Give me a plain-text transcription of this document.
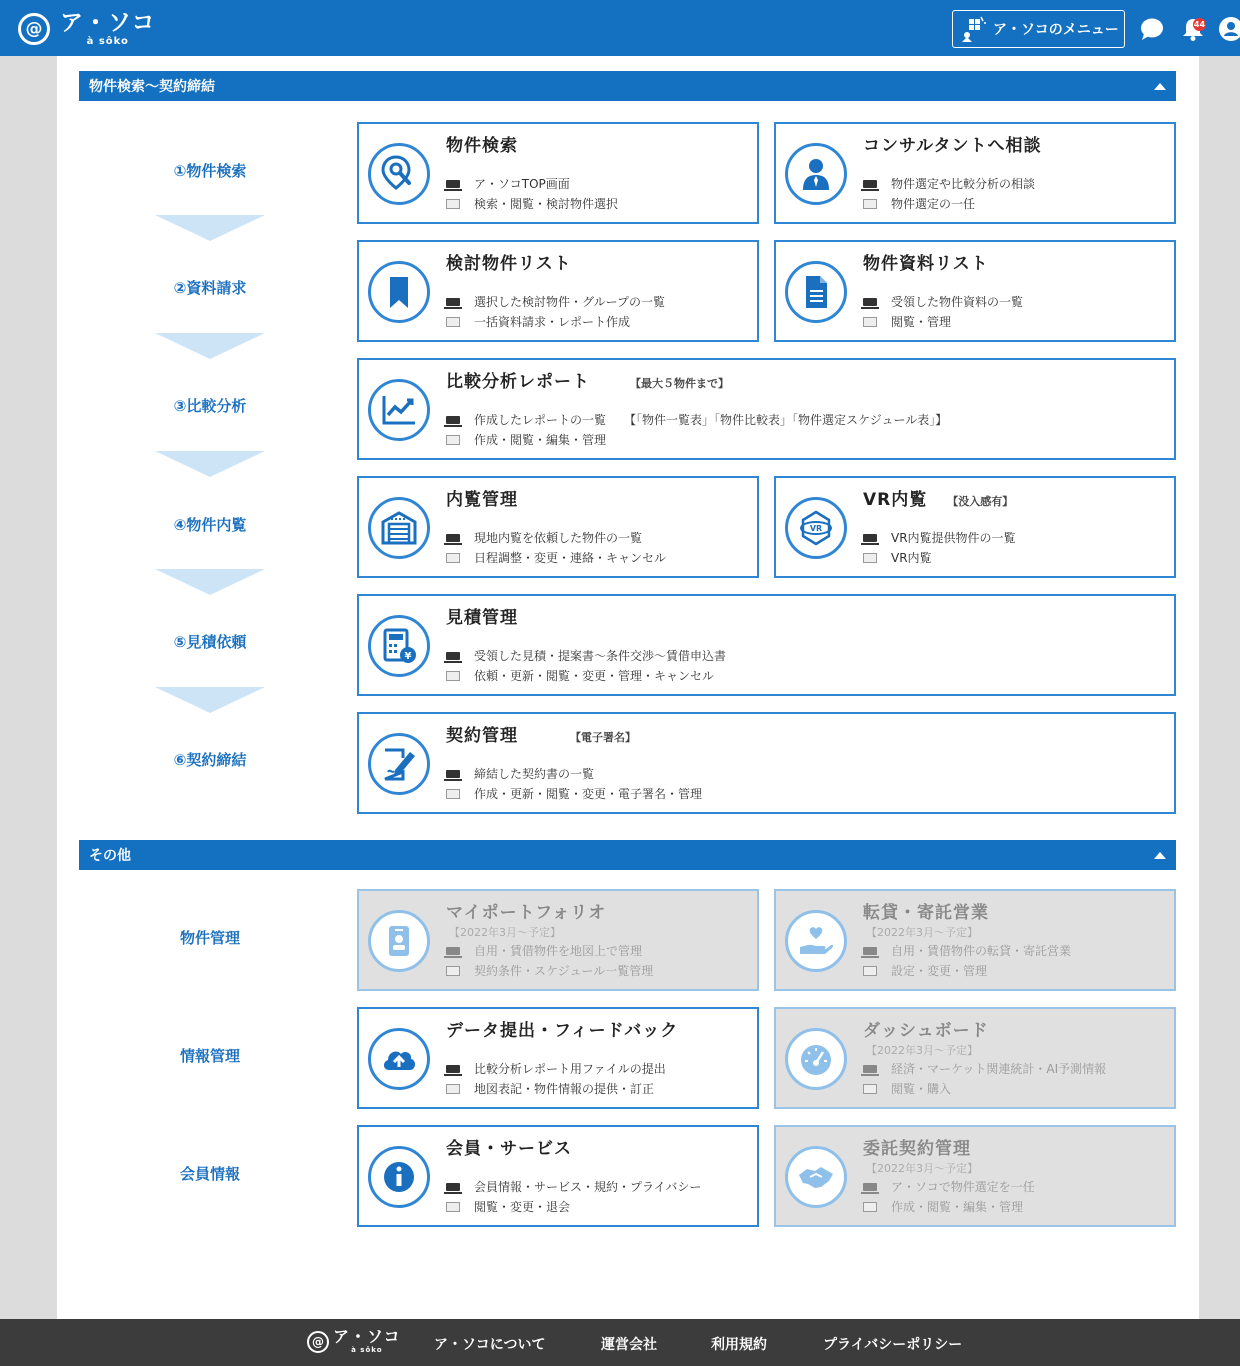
@ ア・ソコ
à sôko
ア・ソコのメニュー	44
物件検索～契約締結
①物件検索
②資料請求
③比較分析
④物件内覧
⑤見積依頼
⑥契約締結
物件検索
ア・ソコTOP画面
検索・閲覧・検討物件選択
コンサルタントへ相談
物件選定や比較分析の相談
物件選定の一任
検討物件リスト
選択した検討物件・グループの一覧
一括資料請求・レポート作成
物件資料リスト
受領した物件資料の一覧
閲覧・管理
比較分析レポート	【最大５物件まで】
作成したレポートの一覧 【「物件一覧表」「物件比較表」「物件選定スケジュール表」】
作成・閲覧・編集・管理
内覧管理
現地内覧を依頼した物件の一覧
日程調整・変更・連絡・キャンセル
VR
VR内覧 【没入感有】
VR内覧提供物件の一覧
VR内覧
¥
見積管理
受領した見積・提案書～条件交渉～賃借申込書
依頼・更新・閲覧・変更・管理・キャンセル
契約管理	【電子署名】
締結した契約書の一覧
作成・更新・閲覧・変更・電子署名・管理
その他
物件管理
情報管理
会員情報
マイポートフォリオ
【2022年3月～予定】
自用・賃借物件を地図上で管理
契約条件・スケジュール一覧管理
転貸・寄託営業
【2022年3月～予定】
自用・賃借物件の転貸・寄託営業
設定・変更・管理
データ提出・フィードバック
比較分析レポート用ファイルの提出
地図表記・物件情報の提供・訂正
ダッシュボード
【2022年3月～予定】
経済・マーケット関連統計・AI予測情報
閲覧・購入
会員・サービス
会員情報・サービス・規約・プライバシー
閲覧・変更・退会
委託契約管理
【2022年3月～予定】
ア・ソコで物件選定を一任
作成・閲覧・編集・管理
@ ア・ソコ
à sôko	ア・ソコについて	運営会社	利用規約	プライバシーポリシー
